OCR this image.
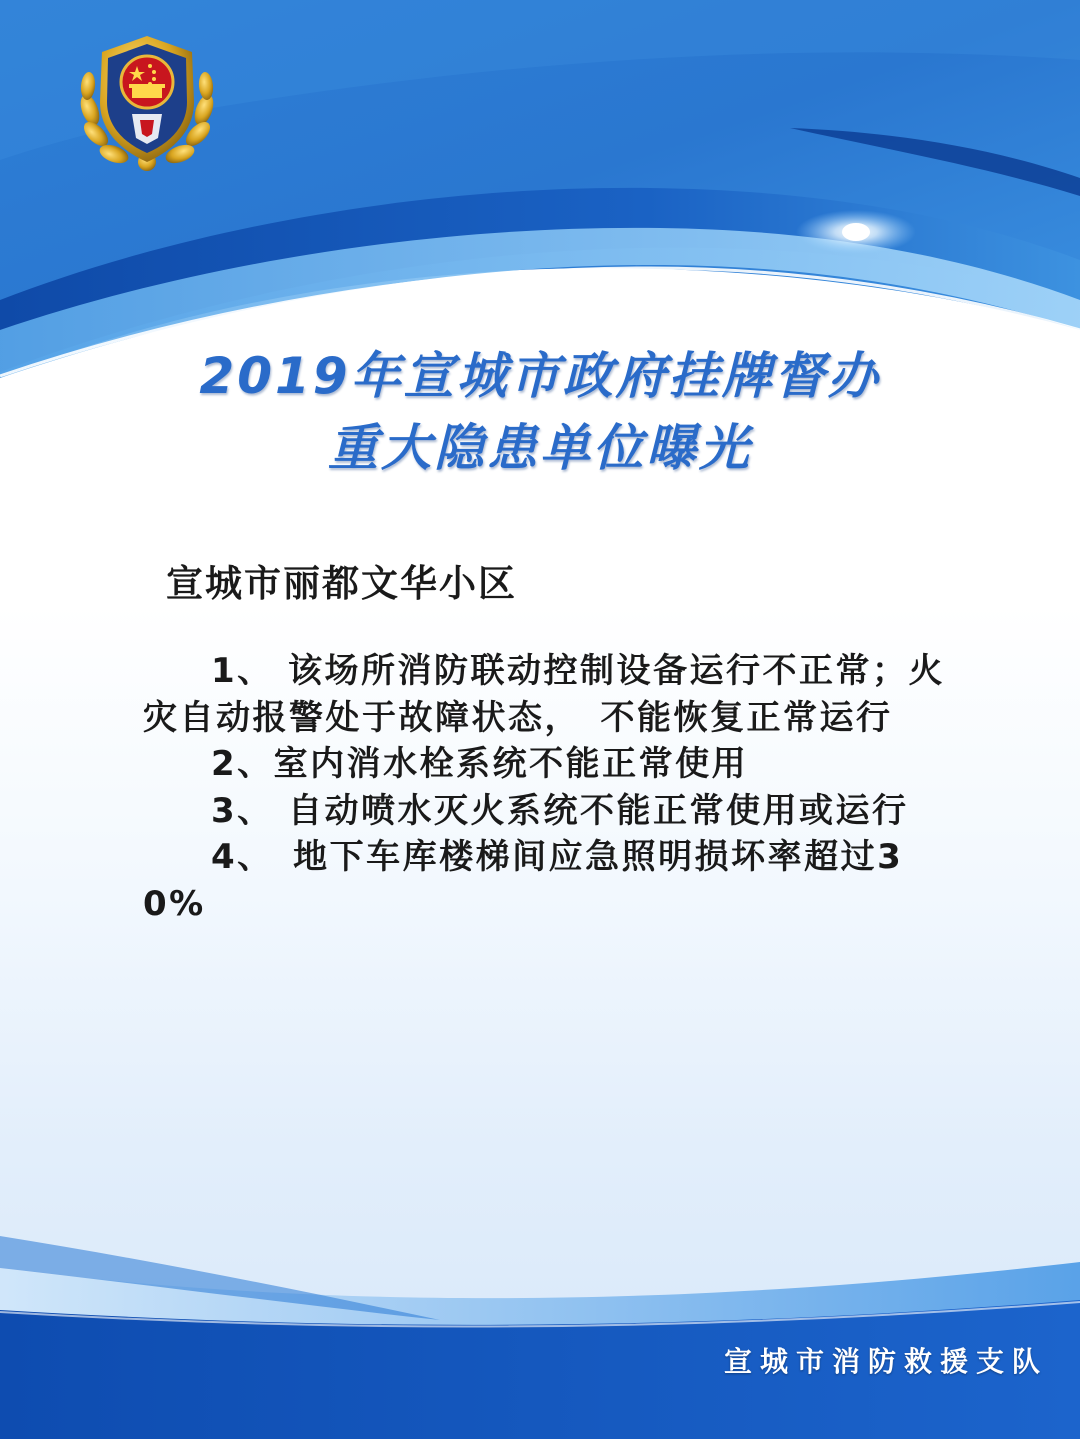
2019年宣城市政府挂牌督办
重大隐患单位曝光
宣城市丽都文华小区

1、 该场所消防联动控制设备运行不正常；火灾自动报警处于故障状态，　不能恢复正常运行

2、室内消水栓系统不能正常使用

3、 自动喷水灭火系统不能正常使用或运行

4、　地下车库楼梯间应急照明损坏率超过30%

宣城市消防救援支队
